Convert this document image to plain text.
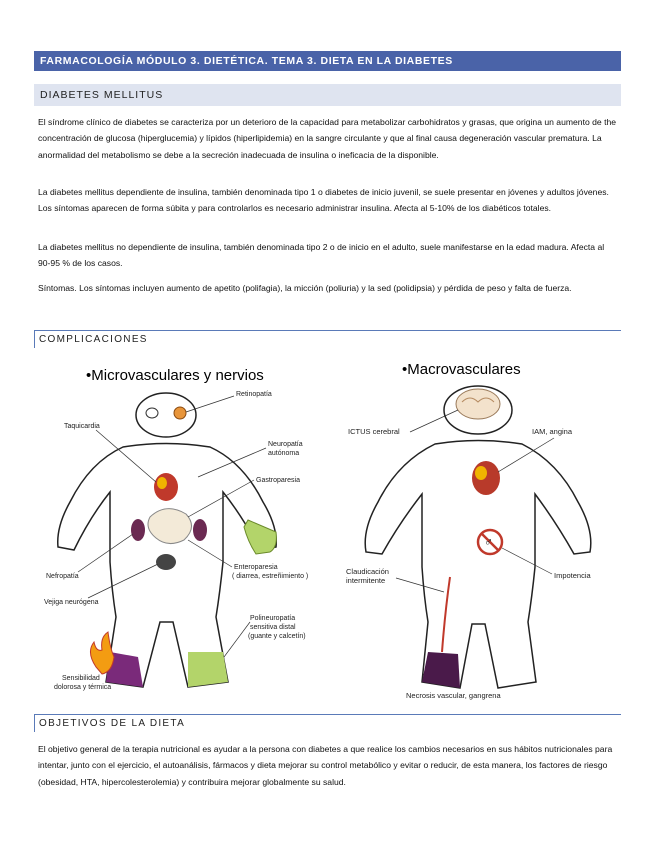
FARMACOLOGÍA MÓDULO 3. DIETÉTICA. TEMA 3. DIETA EN LA DIABETES
DIABETES MELLITUS

El síndrome clínico de diabetes se caracteriza por un deterioro de la capacidad para metabolizar carbohidratos y grasas, que origina un aumento de the concentración de glucosa (hiperglucemia) y lípidos (hiperlipidemia) en la sangre circulante y que al final causa degeneración vascular prematura. La anormalidad del metabolismo se debe a la secreción inadecuada de insulina o ineficacia de la disponible.

La diabetes mellitus dependiente de insulina, también denominada tipo 1 o diabetes de inicio juvenil, se suele presentar en jóvenes y adultos jóvenes. Los síntomas aparecen de forma súbita y para controlarlos es necesario administrar insulina. Afecta al 5-10% de los diabéticos totales.

La diabetes mellitus no dependiente de insulina, también denominada tipo 2 o de inicio en el adulto, suele manifestarse en la edad madura. Afecta al 90-95 % de los casos.

Síntomas. Los síntomas incluyen aumento de apetito (polifagia), la micción (poliuria) y la sed (polidipsia) y pérdida de peso y falta de fuerza.

COMPLICACIONES
•Microvasculares y nervios
Retinopatía
Taquicardia
Neuropatía
autónoma
Gastroparesia
Nefropatía
Enteroparesia
( diarrea, estreñimiento )
Vejiga neurógena
Polineuropatía
sensitiva distal
(guante y calcetín)
Sensibilidad
dolorosa y térmica
•Macrovasculares
♂
ICTUS cerebral	IAM, angina
Impotencia
Claudicación
intermitente
Necrosis vascular, gangrena
OBJETIVOS DE LA DIETA

El objetivo general de la terapia nutricional es ayudar a la persona con diabetes a que realice los cambios necesarios en sus hábitos nutricionales para intentar, junto con el ejercicio, el autoanálisis, fármacos y dieta mejorar su control metabólico y evitar o reducir, de esta manera, los factores de riesgo (obesidad, HTA, hipercolesterolemia) y contribuira mejorar globalmente su salud.
